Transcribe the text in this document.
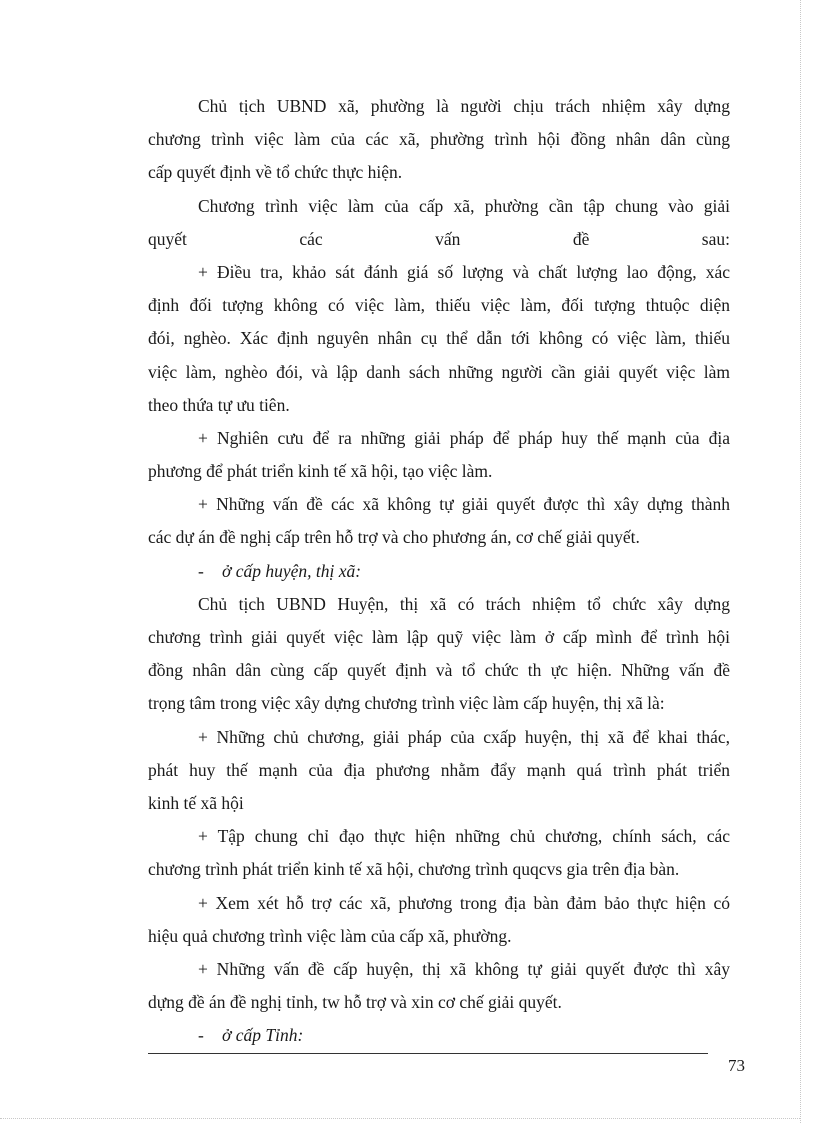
Chủ tịch UBND xã, phường là người chịu trách nhiệm xây dựng
chương trình việc làm của các xã, phường trình hội đồng nhân dân cùng
cấp quyết định về tổ chức thực hiện.
Chương trình việc làm của cấp xã, phường cần tập chung vào giải
quyết các vấn đề sau:
+ Điều tra, khảo sát đánh giá số lượng và chất lượng lao động, xác
định đối tượng không có việc làm, thiếu việc làm, đối tượng thtuộc diện
đói, nghèo. Xác định nguyên nhân cụ thể dẫn tới không có việc làm, thiếu
việc làm, nghèo đói, và lập danh sách những người cần giải quyết việc làm
theo thứa tự ưu tiên.
+ Nghiên cưu để ra những giải pháp để pháp huy thế mạnh của địa
phương để phát triển kinh tế xã hội, tạo việc làm.
+ Những vấn đề các xã không tự giải quyết được thì xây dựng thành
các dự án đề nghị cấp trên hỗ trợ và cho phương án, cơ chế giải quyết.
- ở cấp huyện, thị xã:
Chủ tịch UBND Huyện, thị xã có trách nhiệm tổ chức xây dựng
chương trình giải quyết việc làm lập quỹ việc làm ở cấp mình để trình hội
đồng nhân dân cùng cấp quyết định và tổ chức th ực hiện. Những vấn đề
trọng tâm trong việc xây dựng chương trình việc làm cấp huyện, thị xã là:
+ Những chủ chương, giải pháp của cxấp huyện, thị xã để khai thác,
phát huy thế mạnh của địa phương nhằm đẩy mạnh quá trình phát triển
kinh tế xã hội
+ Tập chung chỉ đạo thực hiện những chủ chương, chính sách, các
chương trình phát triển kinh tế xã hội, chương trình quqcvs gia trên địa bàn.
+ Xem xét hỗ trợ các xã, phương trong địa bàn đảm bảo thực hiện có
hiệu quả chương trình việc làm của cấp xã, phường.
+ Những vấn đề cấp huyện, thị xã không tự giải quyết được thì xây
dựng đề án đề nghị tỉnh, tw hỗ trợ và xin cơ chế giải quyết.
- ở cấp Tỉnh:
73
